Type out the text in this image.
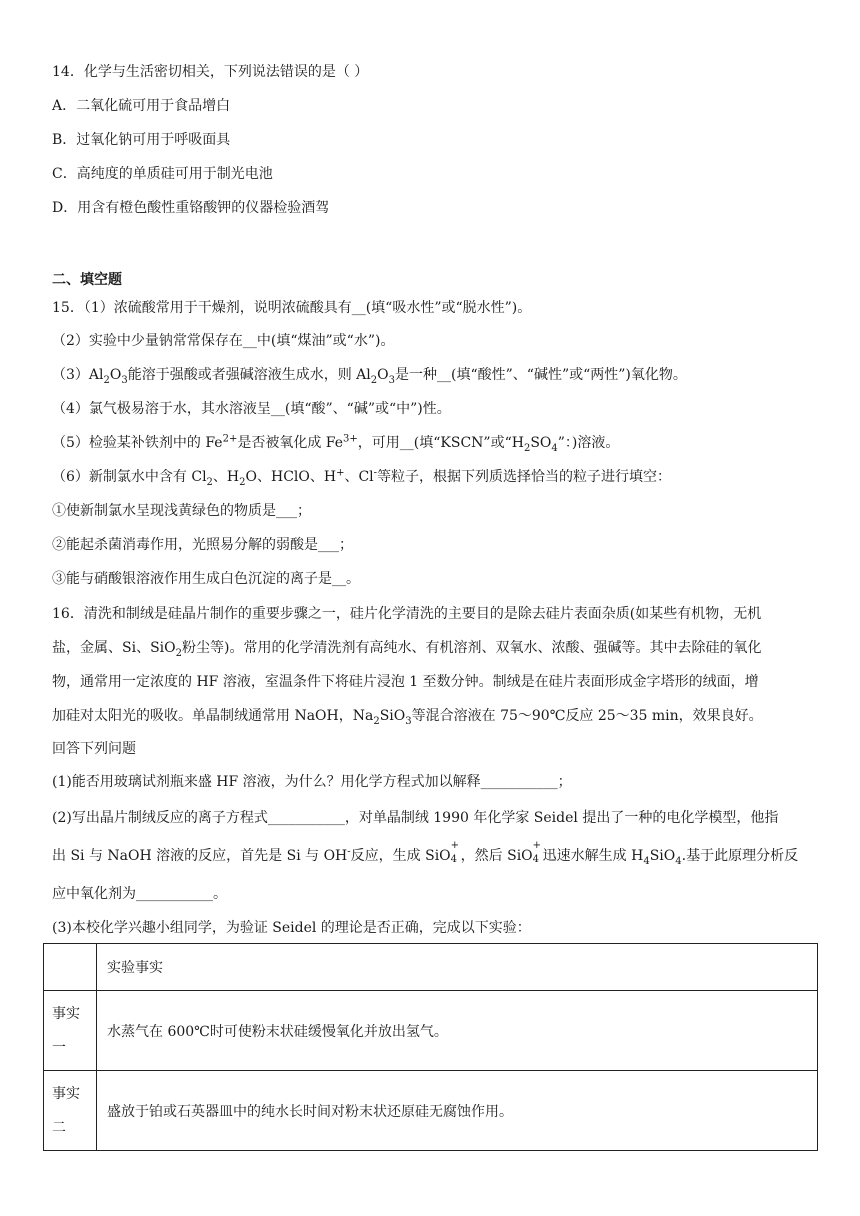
14．化学与生活密切相关，下列说法错误的是（ ）
A．二氧化硫可用于食品增白
B．过氧化钠可用于呼吸面具
C．高纯度的单质硅可用于制光电池
D．用含有橙色酸性重铬酸钾的仪器检验酒驾
二、填空题
15．（1）浓硫酸常用于干燥剂，说明浓硫酸具有__(填“吸水性”或“脱水性”)。
（2）实验中少量钠常常保存在__中(填“煤油”或“水”)。
$(3)Al_2O_3$能溶于强酸或者强碱溶液生成水，则 $Al_2O_3$是一种__(填“酸性”、“碱性”或“两性”)氧化物。
（4）氯气极易溶于水，其水溶液呈__(填“酸”、“碱”或“中”)性。
（5）检验某补铁剂中的 $Fe^{2+}$是否被氧化成 $Fe^{3+}$，可用__(填“KSCN”或“$H_2SO_4$”：)溶液。
（6）新制氯水中含有 $Cl_2$、$H_2O$、HClO、H+、Cl-等粒子，根据下列质选择恰当的粒子进行填空：
①使新制氯水呈现浅黄绿色的物质是___；
②能起杀菌消毒作用，光照易分解的弱酸是___；
③能与硝酸银溶液作用生成白色沉淀的离子是__。
16．清洗和制绒是硅晶片制作的重要步骤之一，硅片化学清洗的主要目的是除去硅片表面杂质(如某些有机物，无机
盐，金属、Si、SiO$_2$粉尘等)。常用的化学清洗剂有高纯水、有机溶剂、双氧水、浓酸、强碱等。其中去除硅的氧化
物，通常用一定浓度的 HF 溶液，室温条件下将硅片浸泡 1 至数分钟。制绒是在硅片表面形成金字塔形的绒面，增
加硅对太阳光的吸收。单晶制绒通常用 NaOH，$Na_2SiO_3$等混合溶液在 75～90℃反应 25～35 min，效果良好。
回答下列问题
(1)能否用玻璃试剂瓶来盛 HF 溶液，为什么？用化学方程式加以解释___________；
(2)写出晶片制绒反应的离子方程式___________，对单晶制绒 1990 年化学家 Seidel 提出了一种的电化学模型，他指
出 Si 与 NaOH 溶液的反应，首先是 Si 与 OH-反应，生成 SiO
+
4 ，然后 SiO
+
4 迅速水解生成 $H_4SiO_4$.基于此原理分析反
应中氧化剂为___________。
(3)本校化学兴趣小组同学，为验证 Seidel 的理论是否正确，完成以下实验：
	实验事实

事实
一	水蒸气在 600℃时可使粉末状硅缓慢氧化并放出氢气。

事实
二	盛放于铂或石英器皿中的纯水长时间对粉末状还原硅无腐蚀作用。
